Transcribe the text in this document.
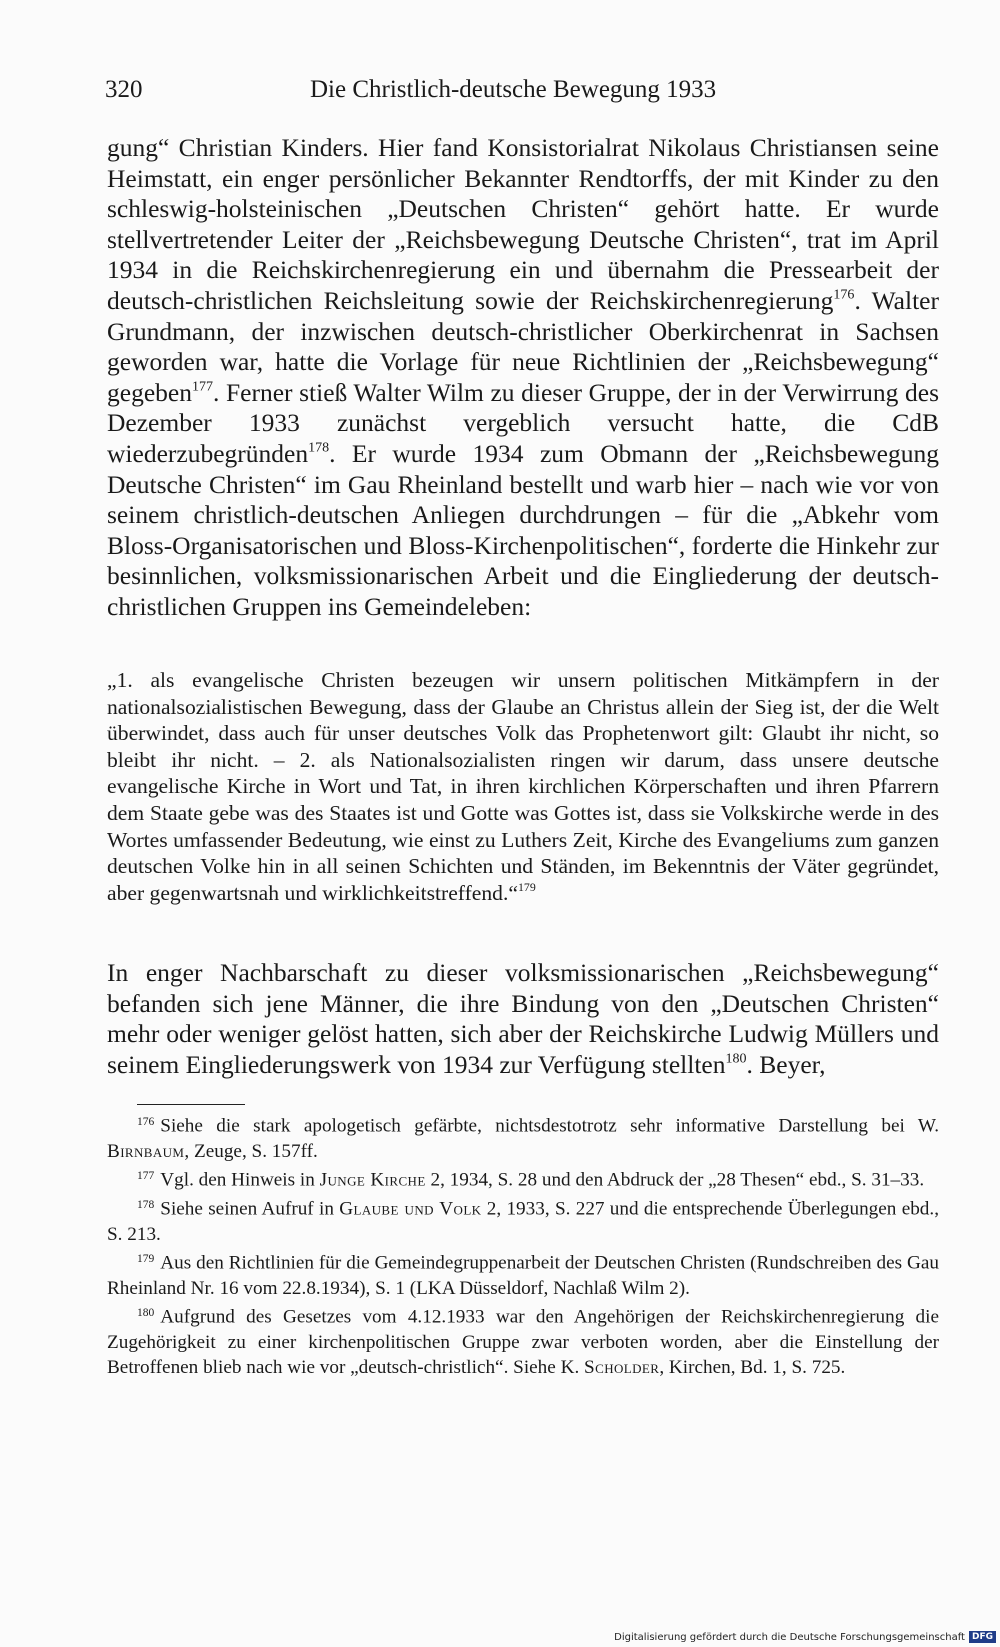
320	Die Christlich-deutsche Bewegung 1933
gung“ Christian Kinders. Hier fand Konsistorialrat Nikolaus Christiansen seine Heimstatt, ein enger persönlicher Bekannter Rendtorffs, der mit Kinder zu den schleswig-holsteinischen „Deutschen Christen“ gehört hatte. Er wurde stellvertretender Leiter der „Reichsbewegung Deutsche Christen“, trat im April 1934 in die Reichskirchenregierung ein und übernahm die Pressearbeit der deutsch-christlichen Reichsleitung sowie der Reichskirchenregierung$^{176}$. Walter Grundmann, der inzwischen deutsch-christlicher Oberkirchenrat in Sachsen geworden war, hatte die Vorlage für neue Richtlinien der „Reichsbewegung“ gegeben$^{177}$. Ferner stieß Walter Wilm zu dieser Gruppe, der in der Verwirrung des Dezember 1933 zunächst vergeblich versucht hatte, die CdB wiederzubegründen$^{178}$. Er wurde 1934 zum Obmann der „Reichsbewegung Deutsche Christen“ im Gau Rheinland bestellt und warb hier – nach wie vor von seinem christlich-deutschen Anliegen durchdrungen – für die „Abkehr vom Bloss-Organisatorischen und Bloss-Kirchenpolitischen“, forderte die Hinkehr zur besinnlichen, volksmissionarischen Arbeit und die Eingliederung der deutsch-christlichen Gruppen ins Gemeindeleben:
„1. als evangelische Christen bezeugen wir unsern politischen Mitkämpfern in der nationalsozialistischen Bewegung, dass der Glaube an Christus allein der Sieg ist, der die Welt überwindet, dass auch für unser deutsches Volk das Prophetenwort gilt: Glaubt ihr nicht, so bleibt ihr nicht. – 2. als Nationalsozialisten ringen wir darum, dass unsere deutsche evangelische Kirche in Wort und Tat, in ihren kirchlichen Körperschaften und ihren Pfarrern dem Staate gebe was des Staates ist und Gotte was Gottes ist, dass sie Volkskirche werde in des Wortes umfassender Bedeutung, wie einst zu Luthers Zeit, Kirche des Evangeliums zum ganzen deutschen Volke hin in all seinen Schichten und Ständen, im Bekenntnis der Väter gegründet, aber gegenwartsnah und wirklichkeitstreffend.“$^{179}$
In enger Nachbarschaft zu dieser volksmissionarischen „Reichsbewegung“ befanden sich jene Männer, die ihre Bindung von den „Deutschen Christen“ mehr oder weniger gelöst hatten, sich aber der Reichskirche Ludwig Müllers und seinem Eingliederungswerk von 1934 zur Verfügung stellten$^{180}$. Beyer,
$^{176}$ Siehe die stark apologetisch gefärbte, nichtsdestotrotz sehr informative Darstellung bei W. Birnbaum, Zeuge, S. 157ff.
$^{177}$ Vgl. den Hinweis in Junge Kirche 2, 1934, S. 28 und den Abdruck der „28 Thesen“ ebd., S. 31–33.
$^{178}$ Siehe seinen Aufruf in Glaube und Volk 2, 1933, S. 227 und die entsprechende Überlegungen ebd., S. 213.
$^{179}$ Aus den Richtlinien für die Gemeindegruppenarbeit der Deutschen Christen (Rundschreiben des Gau Rheinland Nr. 16 vom 22.8.1934), S. 1 (LKA Düsseldorf, Nachlaß Wilm 2).
$^{180}$ Aufgrund des Gesetzes vom 4.12.1933 war den Angehörigen der Reichskirchenregierung die Zugehörigkeit zu einer kirchenpolitischen Gruppe zwar verboten worden, aber die Einstellung der Betroffenen blieb nach wie vor „deutsch-christlich“. Siehe K. Scholder, Kirchen, Bd. 1, S. 725.
Digitalisierung gefördert durch die Deutsche Forschungsgemeinschaft DFG
